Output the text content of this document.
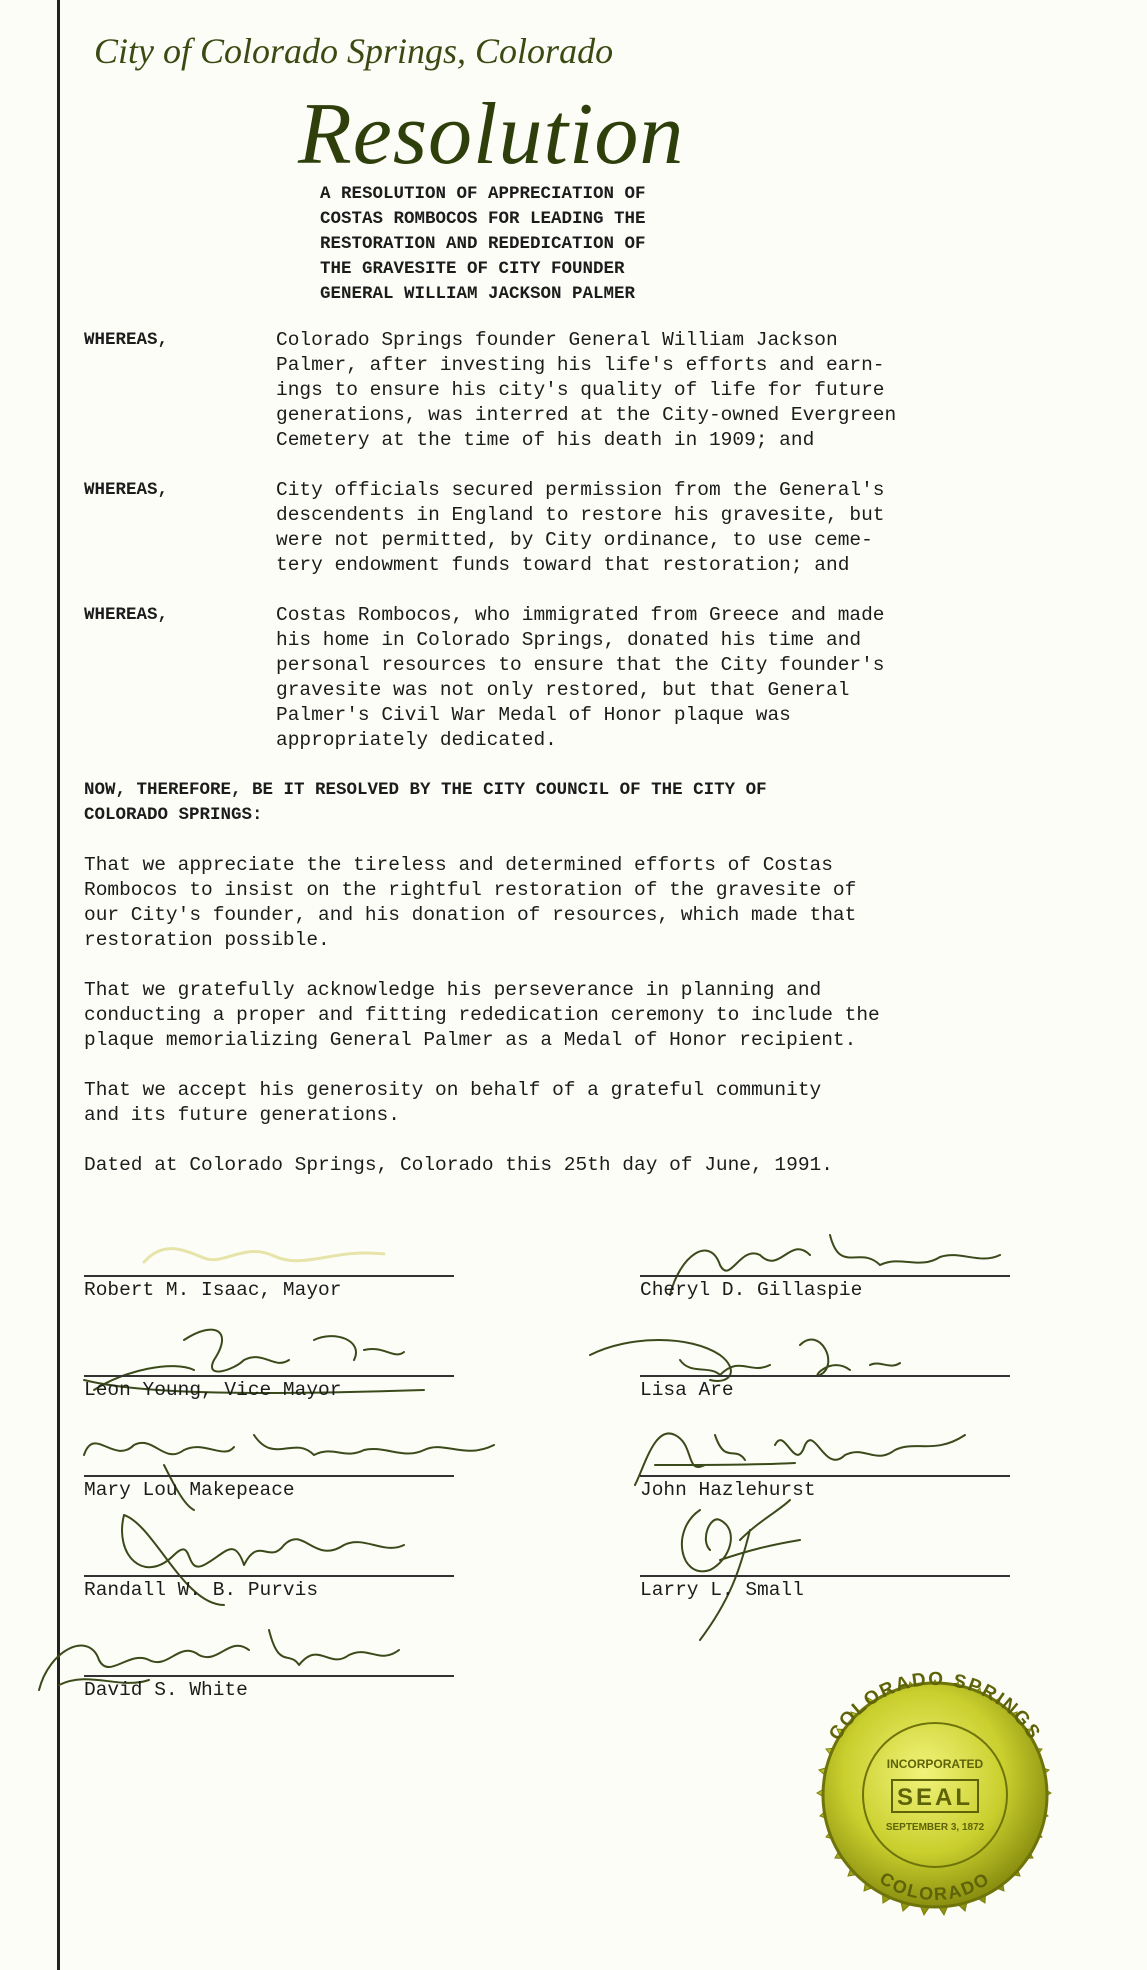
City of Colorado Springs, Colorado
Resolution
A RESOLUTION OF APPRECIATION OF
COSTAS ROMBOCOS FOR LEADING THE
RESTORATION AND REDEDICATION OF
THE GRAVESITE OF CITY FOUNDER
GENERAL WILLIAM JACKSON PALMER
WHEREAS,	Colorado Springs founder General William Jackson
Palmer, after investing his life's efforts and earn-
ings to ensure his city's quality of life for future
generations, was interred at the City-owned Evergreen
Cemetery at the time of his death in 1909; and
WHEREAS,	City officials secured permission from the General's
descendents in England to restore his gravesite, but
were not permitted, by City ordinance, to use ceme-
tery endowment funds toward that restoration; and
WHEREAS,	Costas Rombocos, who immigrated from Greece and made
his home in Colorado Springs, donated his time and
personal resources to ensure that the City founder's
gravesite was not only restored, but that General
Palmer's Civil War Medal of Honor plaque was
appropriately dedicated.
NOW, THEREFORE, BE IT RESOLVED BY THE CITY COUNCIL OF THE CITY OF
COLORADO SPRINGS:
That we appreciate the tireless and determined efforts of Costas
Rombocos to insist on the rightful restoration of the gravesite of
our City's founder, and his donation of resources, which made that
restoration possible.
That we gratefully acknowledge his perseverance in planning and
conducting a proper and fitting rededication ceremony to include the
plaque memorializing General Palmer as a Medal of Honor recipient.
That we accept his generosity on behalf of a grateful community
and its future generations.
Dated at Colorado Springs, Colorado this 25th day of June, 1991.
Robert M. Isaac, Mayor
Leon Young, Vice Mayor
Mary Lou Makepeace
Randall W. B. Purvis
David S. White
Cheryl D. Gillaspie
Lisa Are
John Hazlehurst
Larry L. Small
COLORADO SPRINGS
COLORADO
INCORPORATED
SEAL
SEPTEMBER 3, 1872
